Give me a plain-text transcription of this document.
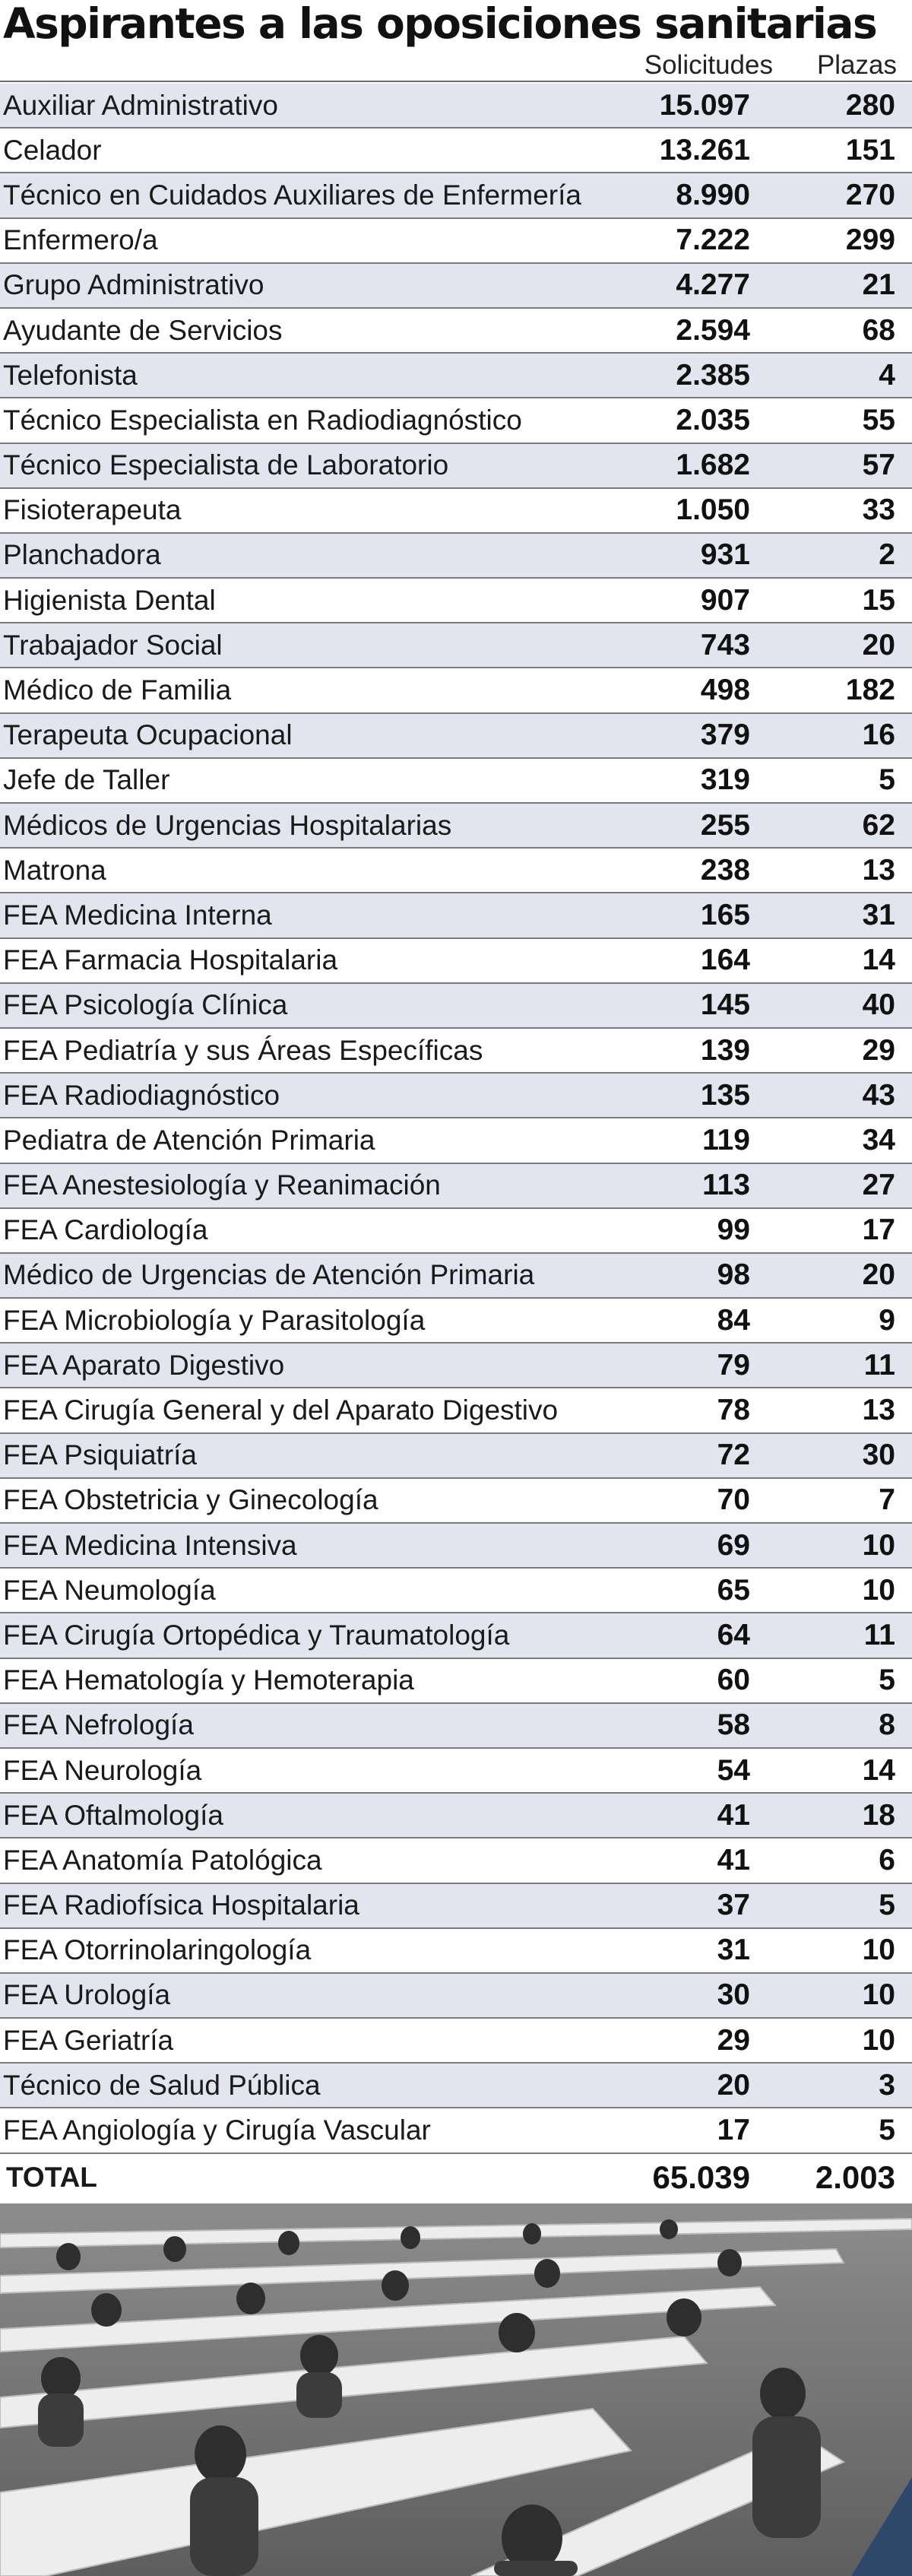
Aspirantes a las oposiciones sanitarias
Solicitudes Plazas
Auxiliar Administrativo	15.097	280
Celador	13.261	151
Técnico en Cuidados Auxiliares de Enfermería	8.990	270
Enfermero/a	7.222	299
Grupo Administrativo	4.277	21
Ayudante de Servicios	2.594	68
Telefonista	2.385	4
Técnico Especialista en Radiodiagnóstico	2.035	55
Técnico Especialista de Laboratorio	1.682	57
Fisioterapeuta	1.050	33
Planchadora	931	2
Higienista Dental	907	15
Trabajador Social	743	20
Médico de Familia	498	182
Terapeuta Ocupacional	379	16
Jefe de Taller	319	5
Médicos de Urgencias Hospitalarias	255	62
Matrona	238	13
FEA Medicina Interna	165	31
FEA Farmacia Hospitalaria	164	14
FEA Psicología Clínica	145	40
FEA Pediatría y sus Áreas Específicas	139	29
FEA Radiodiagnóstico	135	43
Pediatra de Atención Primaria	119	34
FEA Anestesiología y Reanimación	113	27
FEA Cardiología	99	17
Médico de Urgencias de Atención Primaria	98	20
FEA Microbiología y Parasitología	84	9
FEA Aparato Digestivo	79	11
FEA Cirugía General y del Aparato Digestivo	78	13
FEA Psiquiatría	72	30
FEA Obstetricia y Ginecología	70	7
FEA Medicina Intensiva	69	10
FEA Neumología	65	10
FEA Cirugía Ortopédica y Traumatología	64	11
FEA Hematología y Hemoterapia	60	5
FEA Nefrología	58	8
FEA Neurología	54	14
FEA Oftalmología	41	18
FEA Anatomía Patológica	41	6
FEA Radiofísica Hospitalaria	37	5
FEA Otorrinolaringología	31	10
FEA Urología	30	10
FEA Geriatría	29	10
Técnico de Salud Pública	20	3
FEA Angiología y Cirugía Vascular	17	5
TOTAL	65.039 2.003
